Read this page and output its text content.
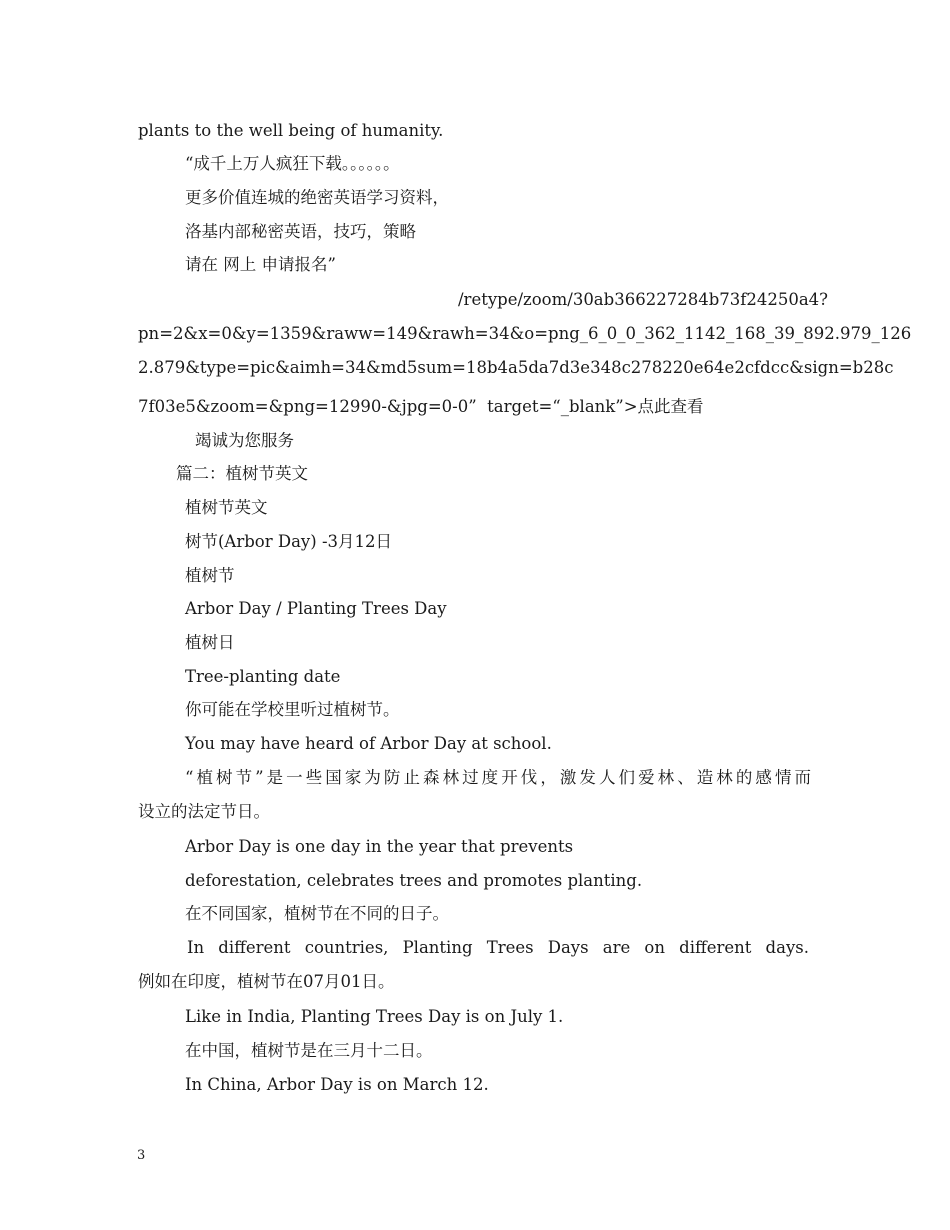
plants to the well being of humanity.
“成千上万人疯狂下载。。。。。。
更多价值连城的绝密英语学习资料，
洛基内部秘密英语，技巧，策略
请在 网上 申请报名”
/retype/zoom/30ab366227284b73f24250a4?
pn=2&x=0&y=1359&raww=149&rawh=34&o=png_6_0_0_362_1142_168_39_892.979_126
2.879&type=pic&aimh=34&md5sum=18b4a5da7d3e348c278220e64e2cfdcc&sign=b28c
7f03e5&zoom=&png=12990-&jpg=0-0”  target=“_blank”>点此查看
竭诚为您服务
篇二：植树节英文
植树节英文
树节(Arbor Day) -3月12日
植树节
Arbor Day / Planting Trees Day
植树日
Tree-planting date
你可能在学校里听过植树节。
You may have heard of Arbor Day at school.
“植树节”是一些国家为防止森林过度开伐，激发人们爱林、造林的感情而
设立的法定节日。
Arbor Day is one day in the year that prevents
deforestation, celebrates trees and promotes planting.
在不同国家，植树节在不同的日子。
In different countries, Planting Trees Days are on different days.
例如在印度，植树节在07月01日。
Like in India, Planting Trees Day is on July 1.
在中国，植树节是在三月十二日。
In China, Arbor Day is on March 12.
3
